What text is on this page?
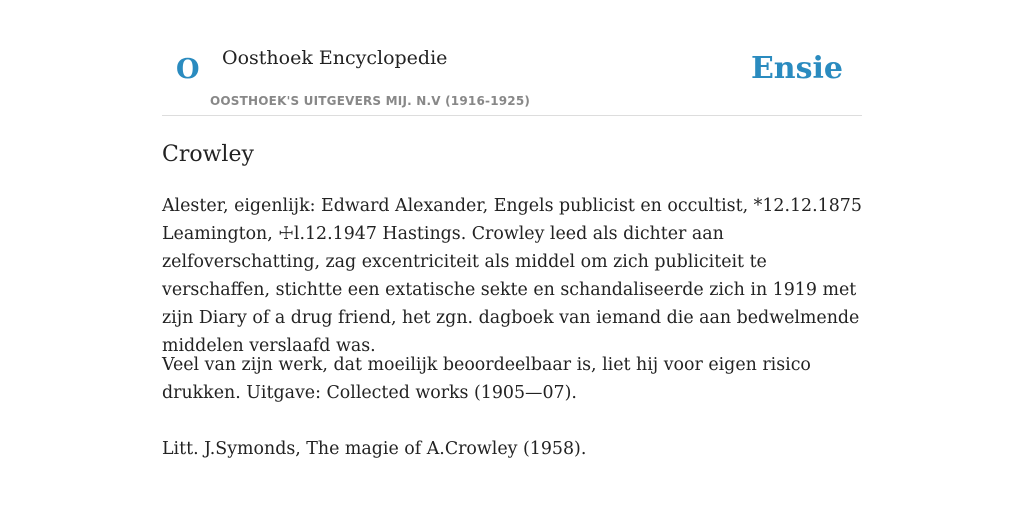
O Oosthoek Encyclopedie
OOSTHOEK'S UITGEVERS MIJ. N.V (1916-1925)
Ensie
Crowley

Alester, eigenlijk: Edward Alexander, Engels publicist en occultist, *12.12.1875 Leamington, ☩l.12.1947 Hastings. Crowley leed als dichter aan zelfoverschatting, zag excentriciteit als middel om zich publiciteit te verschaffen, stichtte een extatische sekte en schandaliseerde zich in 1919 met zijn Diary of a drug friend, het zgn. dagboek van iemand die aan bedwelmende middelen verslaafd was.

Veel van zijn werk, dat moeilijk beoordeelbaar is, liet hij voor eigen risico drukken. Uitgave: Collected works (1905—07).

Litt. J.Symonds, The magie of A.Crowley (1958).
